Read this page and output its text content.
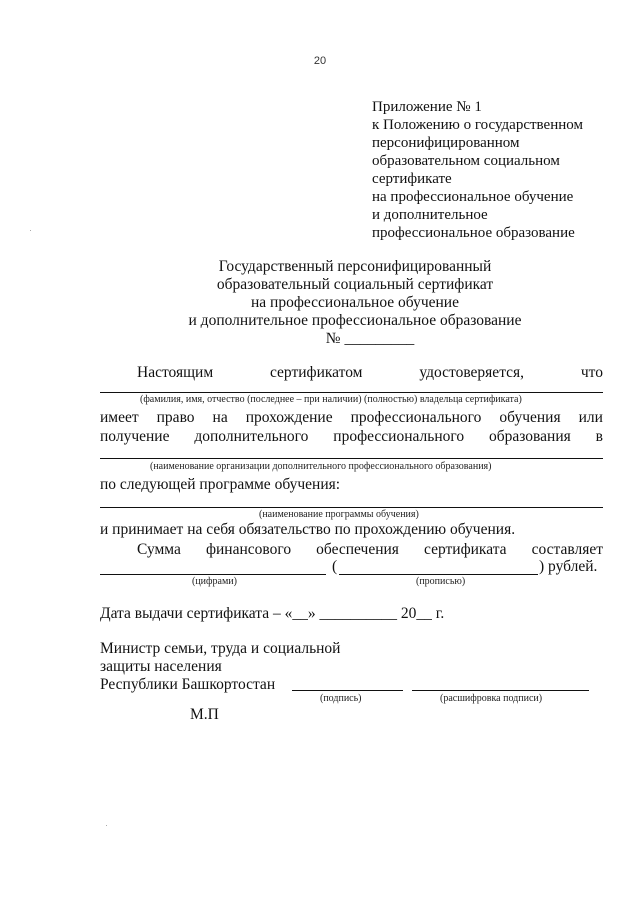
20
Приложение № 1
к Положению о государственном
персонифицированном
образовательном социальном
сертификате
на профессиональное обучение
и дополнительное
профессиональное образование
Государственный персонифицированный
образовательный социальный сертификат
на профессиональное обучение
и дополнительное профессиональное образование
№ _________
Настоящим	сертификатом	удостоверяется,	что
(фамилия, имя, отчество (последнее – при наличии) (полностью) владельца сертификата)
имеет право на прохождение профессионального обучения или
получение дополнительного профессионального образования в
(наименование организации дополнительного профессионального образования)
по следующей программе обучения:
(наименование программы обучения)
и принимает на себя обязательство по прохождению обучения.
Сумма финансового обеспечения сертификата составляет
(	) рублей.
(цифрами)	(прописью)
Дата выдачи сертификата – «__» __________ 20__ г.
Министр семьи, труда и социальной
защиты населения
Республики Башкортостан
(подпись)	(расшифровка подписи)
М.П
